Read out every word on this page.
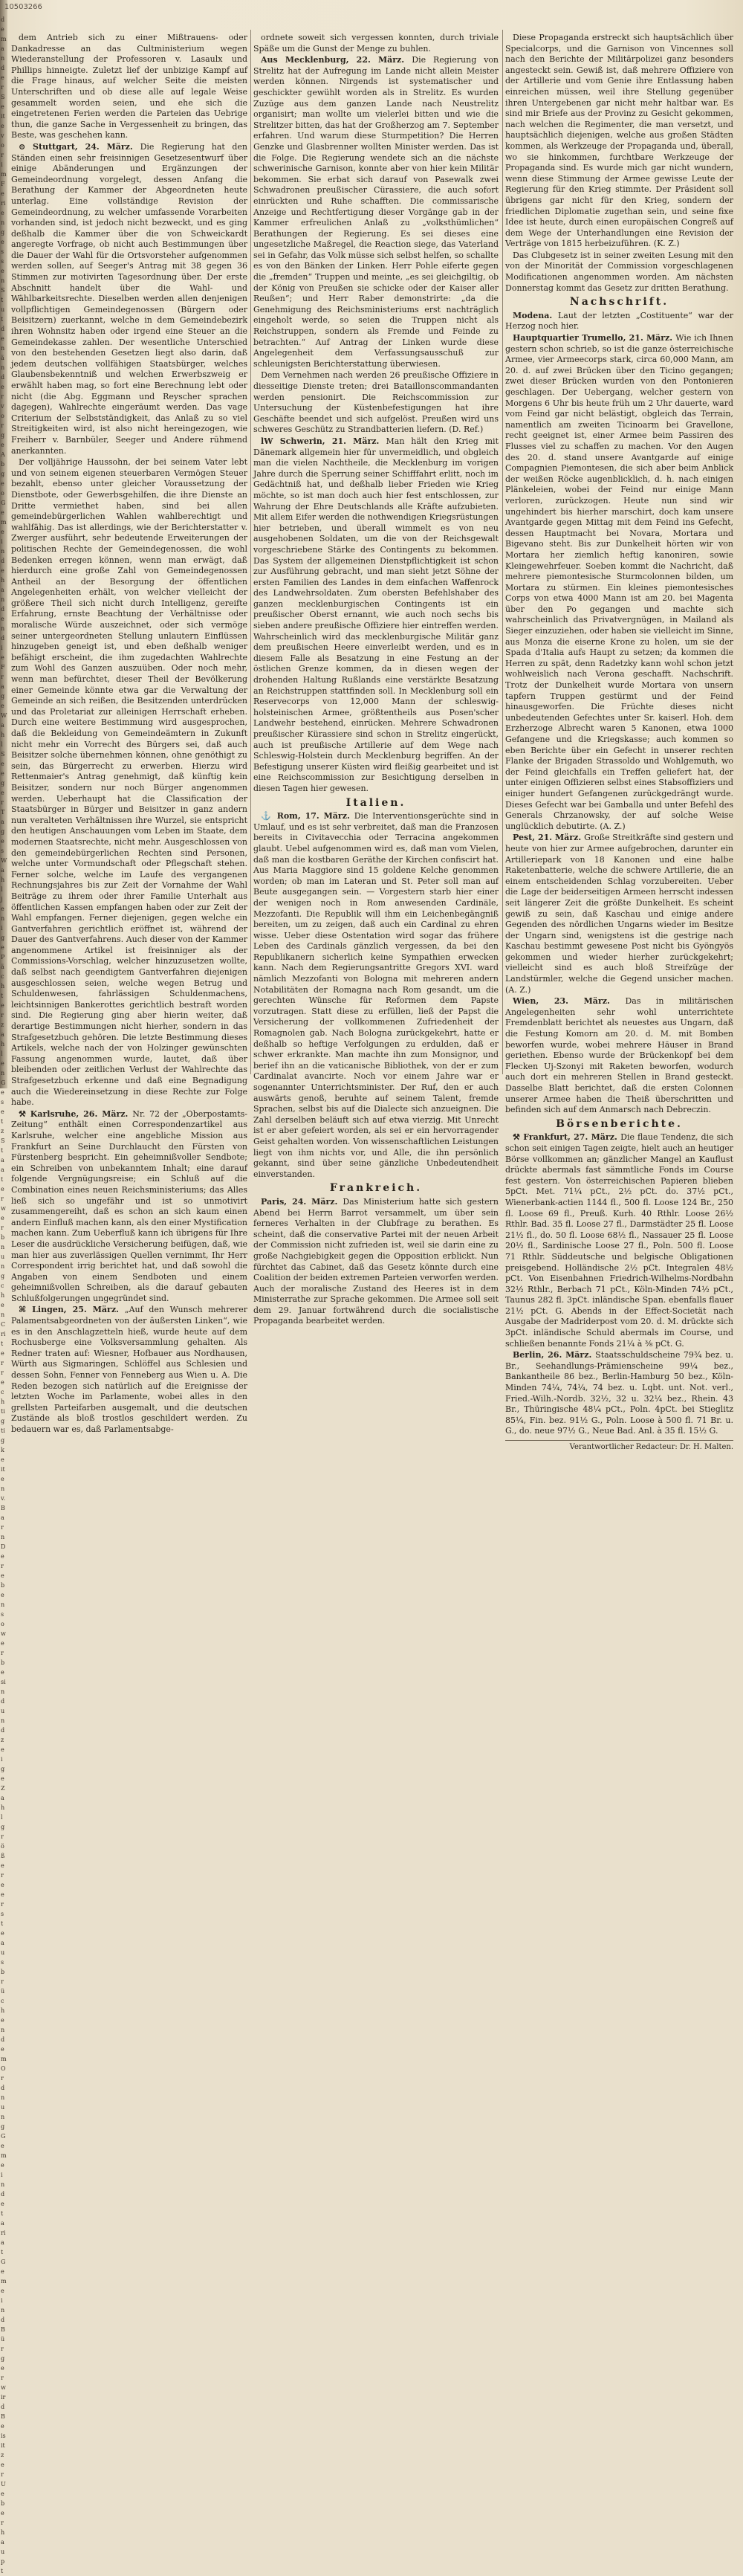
dem an der Seite vor im Ferien gessen Stut den änder vorge Abgeo Gemeinde handen die Frage Wahl Seeger Tages Wahl jenige Pächter zahlen Gesetz Staat erwerb nung chen Criter rechtig tigkeiten v. Barn Der ebenso werbe sind und zeige Zahl größere erste ausbrüchen dem Ordnung Gemeinde tariat Gemeind Bürger wird Beisitzer Ueberhaupt
10503266

dem Antrieb sich zu einer Mißtrauens- oder Dankadresse an das Cultministerium wegen Wiederanstellung der Professoren v. Lasaulx und Phillips hinneigte. Zuletzt lief der unbizige Kampf auf die Frage hinaus, auf welcher Seite die meisten Unterschriften und ob diese alle auf legale Weise gesammelt worden seien, und ehe sich die eingetretenen Ferien werden die Parteien das Uebrige thun, die ganze Sache in Vergessenheit zu bringen, das Beste, was geschehen kann.

⊙ Stuttgart, 24. März. Die Regierung hat den Ständen einen sehr freisinnigen Gesetzesentwurf über einige Abänderungen und Ergänzungen der Gemeindeordnung vorgelegt, dessen Anfang die Berathung der Kammer der Abgeordneten heute unterlag. Eine vollständige Revision der Gemeindeordnung, zu welcher umfassende Vorarbeiten vorhanden sind, ist jedoch nicht bezweckt, und es ging deßhalb die Kammer über die von Schweickardt angeregte Vorfrage, ob nicht auch Bestimmungen über die Dauer der Wahl für die Ortsvorsteher aufgenommen werden sollen, auf Seeger's Antrag mit 38 gegen 36 Stimmen zur motivirten Tagesordnung über. Der erste Abschnitt handelt über die Wahl- und Wählbarkeitsrechte. Dieselben werden allen denjenigen vollpflichtigen Gemeindegenossen (Bürgern oder Beisitzern) zuerkannt, welche in dem Gemeindebezirk ihren Wohnsitz haben oder irgend eine Steuer an die Gemeindekasse zahlen. Der wesentliche Unterschied von den bestehenden Gesetzen liegt also darin, daß jedem deutschen vollfähigen Staatsbürger, welches Glaubensbekenntniß und welchen Erwerbszweig er erwählt haben mag, so fort eine Berechnung lebt oder nicht (die Abg. Eggmann und Reyscher sprachen dagegen), Wahlrechte eingeräumt werden. Das vage Criterium der Selbstständigkeit, das Anlaß zu so viel Streitigkeiten wird, ist also nicht hereingezogen, wie Freiherr v. Barnbüler, Seeger und Andere rühmend anerkannten.

Der volljährige Haussohn, der bei seinem Vater lebt und von seinem eigenen steuerbaren Vermögen Steuer bezahlt, ebenso unter gleicher Voraussetzung der Dienstbote, oder Gewerbsgehilfen, die ihre Dienste an Dritte vermiethet haben, sind bei allen gemeindebürgerlichen Wahlen wahlberechtigt und wahlfähig. Das ist allerdings, wie der Berichterstatter v. Zwerger ausführt, sehr bedeutende Erweiterungen der politischen Rechte der Gemeindegenossen, die wohl Bedenken erregen können, wenn man erwägt, daß hierdurch eine große Zahl von Gemeindegenossen Antheil an der Besorgung der öffentlichen Angelegenheiten erhält, von welcher vielleicht der größere Theil sich nicht durch Intelligenz, gereifte Erfahrung, ernste Beachtung der Verhältnisse oder moralische Würde auszeichnet, oder sich vermöge seiner untergeordneten Stellung unlautern Einflüssen hinzugeben geneigt ist, und eben deßhalb weniger befähigt erscheint, die ihm zugedachten Wahlrechte zum Wohl des Ganzen auszuüben. Oder noch mehr, wenn man befürchtet, dieser Theil der Bevölkerung einer Gemeinde könnte etwa gar die Verwaltung der Gemeinde an sich reißen, die Besitzenden unterdrücken und das Proletariat zur alleinigen Herrschaft erheben. Durch eine weitere Bestimmung wird ausgesprochen, daß die Bekleidung von Gemeindeämtern in Zukunft nicht mehr ein Vorrecht des Bürgers sei, daß auch Beisitzer solche übernehmen können, ohne genöthigt zu sein, das Bürgerrecht zu erwerben. Hierzu wird Rettenmaier's Antrag genehmigt, daß künftig kein Beisitzer, sondern nur noch Bürger angenommen werden. Ueberhaupt hat die Classification der Staatsbürger in Bürger und Beisitzer in ganz andern nun veralteten Verhältnissen ihre Wurzel, sie entspricht den heutigen Anschauungen vom Leben im Staate, dem modernen Staatsrechte, nicht mehr. Ausgeschlossen von den gemeindebürgerlichen Rechten sind Personen, welche unter Vormundschaft oder Pflegschaft stehen. Ferner solche, welche im Laufe des vergangenen Rechnungsjahres bis zur Zeit der Vornahme der Wahl Beiträge zu ihrem oder ihrer Familie Unterhalt aus öffentlichen Kassen empfangen haben oder zur Zeit der Wahl empfangen. Ferner diejenigen, gegen welche ein Gantverfahren gerichtlich eröffnet ist, während der Dauer des Gantverfahrens. Auch dieser von der Kammer angenommene Artikel ist freisinniger als der Commissions-Vorschlag, welcher hinzuzusetzen wollte, daß selbst nach geendigtem Gantverfahren diejenigen ausgeschlossen seien, welche wegen Betrug und Schuldenwesen, fahrlässigen Schuldenmachens, leichtsinnigen Bankerottes gerichtlich bestraft worden sind. Die Regierung ging aber hierin weiter, daß derartige Bestimmungen nicht hierher, sondern in das Strafgesetzbuch gehören. Die letzte Bestimmung dieses Artikels, welche nach der von Holzinger gewünschten Fassung angenommen wurde, lautet, daß über bleibenden oder zeitlichen Verlust der Wahlrechte das Strafgesetzbuch erkenne und daß eine Begnadigung auch die Wiedereinsetzung in diese Rechte zur Folge habe.

⚒ Karlsruhe, 26. März. Nr. 72 der „Oberpostamts-Zeitung“ enthält einen Correspondenzartikel aus Karlsruhe, welcher eine angebliche Mission aus Frankfurt an Seine Durchlaucht den Fürsten von Fürstenberg bespricht. Ein geheimnißvoller Sendbote; ein Schreiben von unbekanntem Inhalt; eine darauf folgende Vergnügungsreise; ein Schluß auf die Combination eines neuen Reichsministeriums; das Alles ließ sich so ungefähr und ist so unmotivirt zusammengereiht, daß es schon an sich kaum einen andern Einfluß machen kann, als den einer Mystification machen kann. Zum Ueberfluß kann ich übrigens für Ihre Leser die ausdrückliche Versicherung beifügen, daß, wie man hier aus zuverlässigen Quellen vernimmt, Ihr Herr Correspondent irrig berichtet hat, und daß sowohl die Angaben von einem Sendboten und einem geheimnißvollen Schreiben, als die darauf gebauten Schlußfolgerungen ungegründet sind.

⌘ Lingen, 25. März. „Auf den Wunsch mehrerer Palamentsabgeordneten von der äußersten Linken“, wie es in den Anschlagzetteln hieß, wurde heute auf dem Rochusberge eine Volksversammlung gehalten. Als Redner traten auf: Wiesner, Hofbauer aus Nordhausen, Würth aus Sigmaringen, Schlöffel aus Schlesien und dessen Sohn, Fenner von Fenneberg aus Wien u. A. Die Reden bezogen sich natürlich auf die Ereignisse der letzten Woche im Parlamente, wobei alles in den grellsten Parteifarben ausgemalt, und die deutschen Zustände als bloß trostlos geschildert werden. Zu bedauern war es, daß Parlamentsabge-

ordnete soweit sich vergessen konnten, durch triviale Späße um die Gunst der Menge zu buhlen.

Aus Mecklenburg, 22. März. Die Regierung von Strelitz hat der Aufregung im Lande nicht allein Meister werden können. Nirgends ist systematischer und geschickter gewühlt worden als in Strelitz. Es wurden Zuzüge aus dem ganzen Lande nach Neustrelitz organisirt; man wollte um vielerlei bitten und wie die Strelitzer bitten, das hat der Großherzog am 7. September erfahren. Und warum diese Sturmpetition? Die Herren Genzke und Glasbrenner wollten Minister werden. Das ist die Folge. Die Regierung wendete sich an die nächste schwerinische Garnison, konnte aber von hier kein Militär bekommen. Sie erbat sich darauf von Pasewalk zwei Schwadronen preußischer Cürassiere, die auch sofort einrückten und Ruhe schafften. Die commissarische Anzeige und Rechtfertigung dieser Vorgänge gab in der Kammer erfreulichen Anlaß zu „volksthümlichen“ Berathungen der Regierung. Es sei dieses eine ungesetzliche Maßregel, die Reaction siege, das Vaterland sei in Gefahr, das Volk müsse sich selbst helfen, so schallte es von den Bänken der Linken. Herr Pohle eiferte gegen die „fremden“ Truppen und meinte, „es sei gleichgiltig, ob der König von Preußen sie schicke oder der Kaiser aller Reußen“; und Herr Raber demonstrirte: „da die Genehmigung des Reichsministeriums erst nachträglich eingeholt werde, so seien die Truppen nicht als Reichstruppen, sondern als Fremde und Feinde zu betrachten.“ Auf Antrag der Linken wurde diese Angelegenheit dem Verfassungsausschuß zur schleunigsten Berichterstattung überwiesen.

Dem Vernehmen nach werden 26 preußische Offiziere in diesseitige Dienste treten; drei Bataillonscommandanten werden pensionirt. Die Reichscommission zur Untersuchung der Küstenbefestigungen hat ihre Geschäfte beendet und sich aufgelöst. Preußen wird uns schweres Geschütz zu Strandbatterien liefern. (D. Ref.)

lW Schwerin, 21. März. Man hält den Krieg mit Dänemark allgemein hier für unvermeidlich, und obgleich man die vielen Nachtheile, die Mecklenburg im vorigen Jahre durch die Sperrung seiner Schifffahrt erlitt, noch im Gedächtniß hat, und deßhalb lieber Frieden wie Krieg möchte, so ist man doch auch hier fest entschlossen, zur Wahrung der Ehre Deutschlands alle Kräfte aufzubieten. Mit allem Eifer werden die nothwendigen Kriegsrüstungen hier betrieben, und überall wimmelt es von neu ausgehobenen Soldaten, um die von der Reichsgewalt vorgeschriebene Stärke des Contingents zu bekommen. Das System der allgemeinen Dienstpflichtigkeit ist schon zur Ausführung gebracht, und man sieht jetzt Söhne der ersten Familien des Landes in dem einfachen Waffenrock des Landwehrsoldaten. Zum obersten Befehlshaber des ganzen mecklenburgischen Contingents ist ein preußischer Oberst ernannt, wie auch noch sechs bis sieben andere preußische Offiziere hier eintreffen werden. Wahrscheinlich wird das mecklenburgische Militär ganz dem preußischen Heere einverleibt werden, und es in diesem Falle als Besatzung in eine Festung an der östlichen Grenze kommen, da in diesen wegen der drohenden Haltung Rußlands eine verstärkte Besatzung an Reichstruppen stattfinden soll. In Mecklenburg soll ein Reservecorps von 12,000 Mann der schleswig-holsteinischen Armee, größtentheils aus Posen'scher Landwehr bestehend, einrücken. Mehrere Schwadronen preußischer Kürassiere sind schon in Strelitz eingerückt, auch ist preußische Artillerie auf dem Wege nach Schleswig-Holstein durch Mecklenburg begriffen. An der Befestigung unserer Küsten wird fleißig gearbeitet und ist eine Reichscommission zur Besichtigung derselben in diesen Tagen hier gewesen.

Italien.

⚓ Rom, 17. März. Die Interventionsgerüchte sind in Umlauf, und es ist sehr verbreitet, daß man die Franzosen bereits in Civitavecchia oder Terracina angekommen glaubt. Uebel aufgenommen wird es, daß man vom Vielen, daß man die kostbaren Geräthe der Kirchen confiscirt hat. Aus Maria Maggiore sind 15 goldene Kelche genommen worden; ob man im Lateran und St. Peter soll man auf Beute ausgegangen sein. — Vorgestern starb hier einer der wenigen noch in Rom anwesenden Cardinäle, Mezzofanti. Die Republik will ihm ein Leichenbegängniß bereiten, um zu zeigen, daß auch ein Cardinal zu ehren wisse. Ueber diese Ostentation wird sogar das frühere Leben des Cardinals gänzlich vergessen, da bei den Republikanern sicherlich keine Sympathien erwecken kann. Nach dem Regierungsantritte Gregors XVI. ward nämlich Mezzofanti von Bologna mit mehreren andern Notabilitäten der Romagna nach Rom gesandt, um die gerechten Wünsche für Reformen dem Papste vorzutragen. Statt diese zu erfüllen, ließ der Papst die Versicherung der vollkommenen Zufriedenheit der Romagnolen gab. Nach Bologna zurückgekehrt, hatte er deßhalb so heftige Verfolgungen zu erdulden, daß er schwer erkrankte. Man machte ihn zum Monsignor, und berief ihn an die vaticanische Bibliothek, von der er zum Cardinalat avancirte. Noch vor einem Jahre war er sogenannter Unterrichtsminister. Der Ruf, den er auch auswärts genoß, beruhte auf seinem Talent, fremde Sprachen, selbst bis auf die Dialecte sich anzueignen. Die Zahl derselben beläuft sich auf etwa vierzig. Mit Unrecht ist er aber gefeiert worden, als sei er ein hervorragender Geist gehalten worden. Von wissenschaftlichen Leistungen liegt von ihm nichts vor, und Alle, die ihn persönlich gekannt, sind über seine gänzliche Unbedeutendheit einverstanden.

Frankreich.

Paris, 24. März. Das Ministerium hatte sich gestern Abend bei Herrn Barrot versammelt, um über sein ferneres Verhalten in der Clubfrage zu berathen. Es scheint, daß die conservative Partei mit der neuen Arbeit der Commission nicht zufrieden ist, weil sie darin eine zu große Nachgiebigkeit gegen die Opposition erblickt. Nun fürchtet das Cabinet, daß das Gesetz könnte durch eine Coalition der beiden extremen Parteien verworfen werden. Auch der moralische Zustand des Heeres ist in dem Ministerrathe zur Sprache gekommen. Die Armee soll seit dem 29. Januar fortwährend durch die socialistische Propaganda bearbeitet werden.

Diese Propaganda erstreckt sich hauptsächlich über Specialcorps, und die Garnison von Vincennes soll nach den Berichte der Militärpolizei ganz besonders angesteckt sein. Gewiß ist, daß mehrere Offiziere von der Artillerie und vom Genie ihre Entlassung haben einreichen müssen, weil ihre Stellung gegenüber ihren Untergebenen gar nicht mehr haltbar war. Es sind mir Briefe aus der Provinz zu Gesicht gekommen, nach welchen die Regimenter, die man versetzt, und hauptsächlich diejenigen, welche aus großen Städten kommen, als Werkzeuge der Propaganda und, überall, wo sie hinkommen, furchtbare Werkzeuge der Propaganda sind. Es wurde mich gar nicht wundern, wenn diese Stimmung der Armee gewisse Leute der Regierung für den Krieg stimmte. Der Präsident soll übrigens gar nicht für den Krieg, sondern der friedlichen Diplomatie zugethan sein, und seine fixe Idee ist heute, durch einen europäischen Congreß auf dem Wege der Unterhandlungen eine Revision der Verträge von 1815 herbeizuführen. (K. Z.)

Das Clubgesetz ist in seiner zweiten Lesung mit den von der Minorität der Commission vorgeschlagenen Modificationen angenommen worden. Am nächsten Donnerstag kommt das Gesetz zur dritten Berathung.

Nachschrift.

Modena. Laut der letzten „Costituente“ war der Herzog noch hier.

Hauptquartier Trumello, 21. März. Wie ich Ihnen gestern schon schrieb, so ist die ganze österreichische Armee, vier Armeecorps stark, circa 60,000 Mann, am 20. d. auf zwei Brücken über den Ticino gegangen; zwei dieser Brücken wurden von den Pontonieren geschlagen. Der Uebergang, welcher gestern von Morgens 6 Uhr bis heute früh um 2 Uhr dauerte, ward vom Feind gar nicht belästigt, obgleich das Terrain, namentlich am zweiten Ticinoarm bei Gravellone, recht geeignet ist, einer Armee beim Passiren des Flusses viel zu schaffen zu machen. Vor den Augen des 20. d. stand unsere Avantgarde auf einige Compagnien Piemontesen, die sich aber beim Anblick der weißen Röcke augenblicklich, d. h. nach einigen Plänkeleien, wobei der Feind nur einige Mann verloren, zurückzogen. Heute nun sind wir ungehindert bis hierher marschirt, doch kam unsere Avantgarde gegen Mittag mit dem Feind ins Gefecht, dessen Hauptmacht bei Novara, Mortara und Bigevano steht. Bis zur Dunkelheit hörten wir von Mortara her ziemlich heftig kanoniren, sowie Kleingewehrfeuer. Soeben kommt die Nachricht, daß mehrere piemontesische Sturmcolonnen bilden, um Mortara zu stürmen. Ein kleines piemontesisches Corps von etwa 4000 Mann ist am 20. bei Magenta über den Po gegangen und machte sich wahrscheinlich das Privatvergnügen, in Mailand als Sieger einzuziehen, oder haben sie vielleicht im Sinne, aus Monza die eiserne Krone zu holen, um sie der Spada d'Italia aufs Haupt zu setzen; da kommen die Herren zu spät, denn Radetzky kann wohl schon jetzt wohlweislich nach Verona geschafft. Nachschrift. Trotz der Dunkelheit wurde Mortara von unsern tapfern Truppen gestürmt und der Feind hinausgeworfen. Die Früchte dieses nicht unbedeutenden Gefechtes unter Sr. kaiserl. Hoh. dem Erzherzoge Albrecht waren 5 Kanonen, etwa 1000 Gefangene und die Kriegskasse; auch kommen so eben Berichte über ein Gefecht in unserer rechten Flanke der Brigaden Strassoldo und Wohlgemuth, wo der Feind gleichfalls ein Treffen geliefert hat, der unter einigen Offizieren selbst eines Stabsoffiziers und einiger hundert Gefangenen zurückgedrängt wurde. Dieses Gefecht war bei Gamballa und unter Befehl des Generals Chrzanowsky, der auf solche Weise unglücklich debutirte. (A. Z.)

Pest, 21. März. Große Streitkräfte sind gestern und heute von hier zur Armee aufgebrochen, darunter ein Artilleriepark von 18 Kanonen und eine halbe Raketenbatterie, welche die schwere Artillerie, die an einem entscheidenden Schlag vorzubereiten. Ueber die Lage der beiderseitigen Armeen herrscht indessen seit längerer Zeit die größte Dunkelheit. Es scheint gewiß zu sein, daß Kaschau und einige andere Gegenden des nördlichen Ungarns wieder im Besitze der Ungarn sind, wenigstens ist die gestrige nach Kaschau bestimmt gewesene Post nicht bis Gyöngyös gekommen und wieder hierher zurückgekehrt; vielleicht sind es auch bloß Streifzüge der Landstürmler, welche die Gegend unsicher machen. (A. Z.)

Wien, 23. März. Das in militärischen Angelegenheiten sehr wohl unterrichtete Fremdenblatt berichtet als neuestes aus Ungarn, daß die Festung Komorn am 20. d. M. mit Bomben beworfen wurde, wobei mehrere Häuser in Brand geriethen. Ebenso wurde der Brückenkopf bei dem Flecken Uj-Szonyi mit Raketen beworfen, wodurch auch dort ein mehreren Stellen in Brand gesteckt. Dasselbe Blatt berichtet, daß die ersten Colonnen unserer Armee haben die Theiß überschritten und befinden sich auf dem Anmarsch nach Debreczin.

Börsenberichte.

⚒ Frankfurt, 27. März. Die flaue Tendenz, die sich schon seit einigen Tagen zeigte, hielt auch an heutiger Börse vollkommen an; gänzlicher Mangel an Kauflust drückte abermals fast sämmtliche Fonds im Course fest gestern. Von österreichischen Papieren blieben 5pCt. Met. 71¼ pCt., 2½ pCt. do. 37½ pCt., Wienerbank-actien 1144 fl., 500 fl. Loose 124 Br., 250 fl. Loose 69 fl., Preuß. Kurh. 40 Rthlr. Loose 26½ Rthlr. Bad. 35 fl. Loose 27 fl., Darmstädter 25 fl. Loose 21½ fl., do. 50 fl. Loose 68½ fl., Nassauer 25 fl. Loose 20½ fl., Sardinische Loose 27 fl., Poln. 500 fl. Loose 71 Rthlr. Süddeutsche und belgische Obligationen preisgebend. Holländische 2½ pCt. Integralen 48½ pCt. Von Eisenbahnen Friedrich-Wilhelms-Nordbahn 32½ Rthlr., Berbach 71 pCt., Köln-Minden 74½ pCt., Taunus 282 fl. 3pCt. inländische Span. ebenfalls flauer 21½ pCt. G. Abends in der Effect-Societät nach Ausgabe der Madriderpost vom 20. d. M. drückte sich 3pCt. inländische Schuld abermals im Course, und schließen benannte Fonds 21¼ à ⅜ pCt. G.

Berlin, 26. März. Staatsschuldscheine 79¾ bez. u. Br., Seehandlungs-Prämienscheine 99¼ bez., Bankantheile 86 bez., Berlin-Hamburg 50 bez., Köln-Minden 74¼, 74¼, 74 bez. u. Lqbt. unt. Not. verl., Fried.-Wilh.-Nordb. 32½, 32 u. 32¼ bez., Rhein. 43 Br., Thüringische 48¼ pCt., Poln. 4pCt. bei Stieglitz 85¼, Fin. bez. 91½ G., Poln. Loose à 500 fl. 71 Br. u. G., do. neue 97½ G., Neue Bad. Anl. à 35 fl. 15½ G.

Verantwortlicher Redacteur: Dr. H. Malten.
